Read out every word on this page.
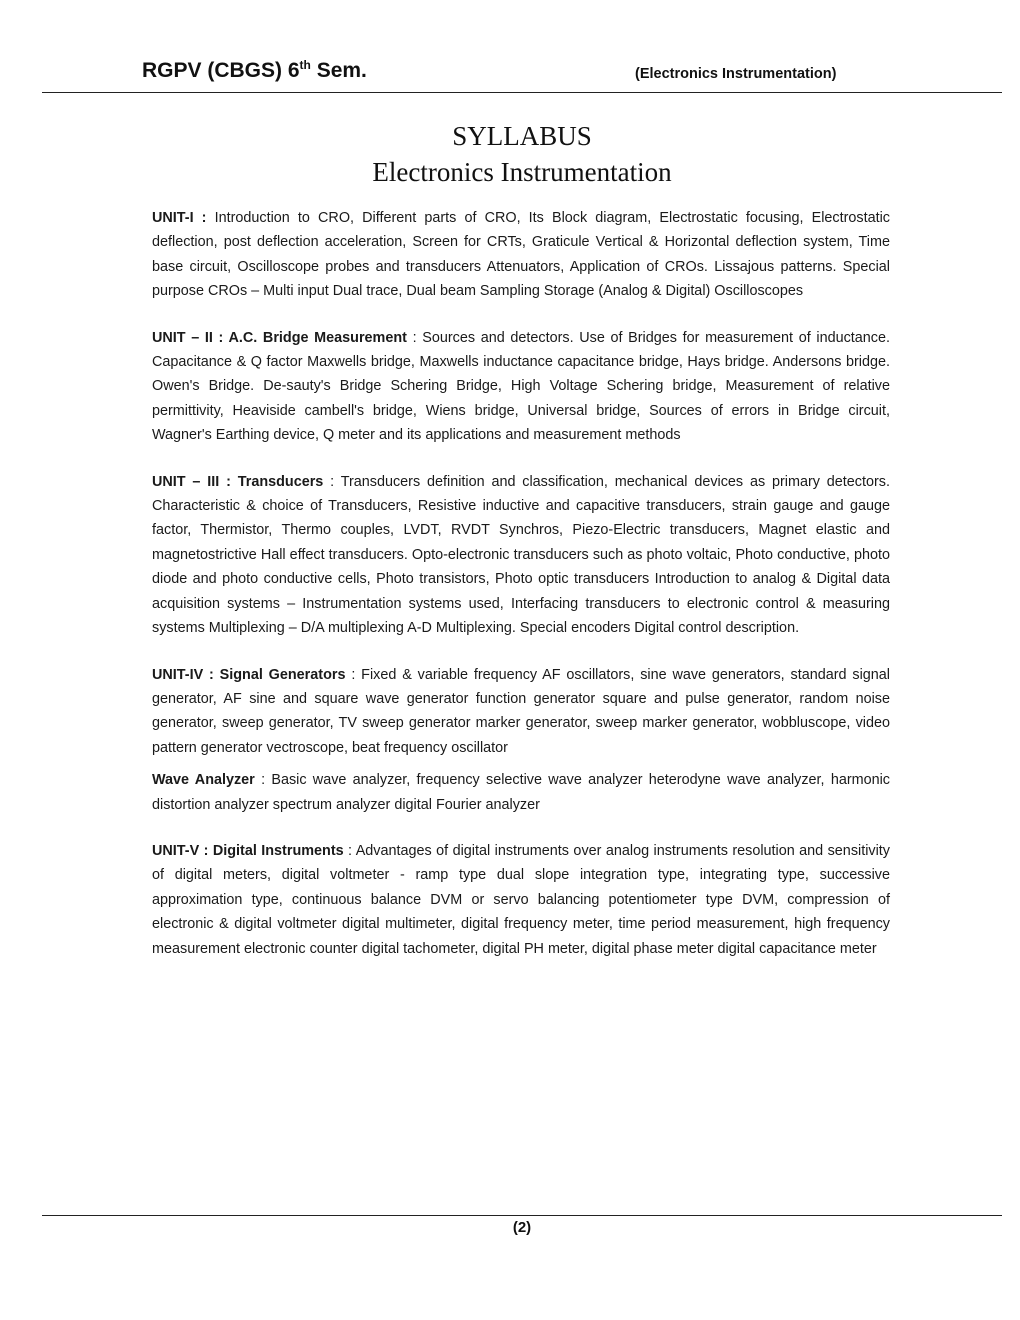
RGPV (CBGS) 6th Sem.	(Electronics Instrumentation)
SYLLABUS
Electronics Instrumentation

UNIT-I : Introduction to CRO, Different parts of CRO, Its Block diagram, Electrostatic focusing, Electrostatic deflection, post deflection acceleration, Screen for CRTs, Graticule Vertical & Horizontal deflection system, Time base circuit, Oscilloscope probes and transducers Attenuators, Application of CROs. Lissajous patterns. Special purpose CROs – Multi input Dual trace, Dual beam Sampling Storage (Analog & Digital) Oscilloscopes

UNIT – II : A.C. Bridge Measurement : Sources and detectors. Use of Bridges for measurement of inductance. Capacitance & Q factor Maxwells bridge, Maxwells inductance capacitance bridge, Hays bridge. Andersons bridge. Owen's Bridge. De-sauty's Bridge Schering Bridge, High Voltage Schering bridge, Measurement of relative permittivity, Heaviside cambell's bridge, Wiens bridge, Universal bridge, Sources of errors in Bridge circuit, Wagner's Earthing device, Q meter and its applications and measurement methods

UNIT – III : Transducers : Transducers definition and classification, mechanical devices as primary detectors. Characteristic & choice of Transducers, Resistive inductive and capacitive transducers, strain gauge and gauge factor, Thermistor, Thermo couples, LVDT, RVDT Synchros, Piezo-Electric transducers, Magnet elastic and magnetostrictive Hall effect transducers. Opto-electronic transducers such as photo voltaic, Photo conductive, photo diode and photo conductive cells, Photo transistors, Photo optic transducers Introduction to analog & Digital data acquisition systems – Instrumentation systems used, Interfacing transducers to electronic control & measuring systems Multiplexing – D/A multiplexing A-D Multiplexing. Special encoders Digital control description.

UNIT-IV : Signal Generators : Fixed & variable frequency AF oscillators, sine wave generators, standard signal generator, AF sine and square wave generator function generator square and pulse generator, random noise generator, sweep generator, TV sweep generator marker generator, sweep marker generator, wobbluscope, video pattern generator vectroscope, beat frequency oscillator

Wave Analyzer : Basic wave analyzer, frequency selective wave analyzer heterodyne wave analyzer, harmonic distortion analyzer spectrum analyzer digital Fourier analyzer

UNIT-V : Digital Instruments : Advantages of digital instruments over analog instruments resolution and sensitivity of digital meters, digital voltmeter - ramp type dual slope integration type, integrating type, successive approximation type, continuous balance DVM or servo balancing potentiometer type DVM, compression of electronic & digital voltmeter digital multimeter, digital frequency meter, time period measurement, high frequency measurement electronic counter digital tachometer, digital PH meter, digital phase meter digital capacitance meter

(2)
